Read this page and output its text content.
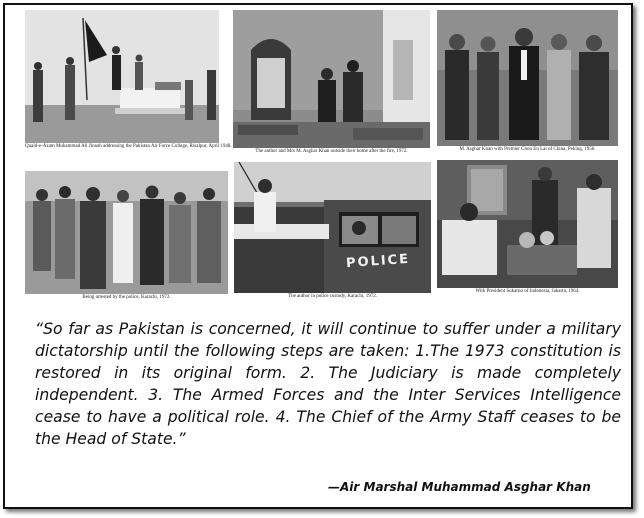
Quaid-e-Azam Muhammad Ali Jinnah addressing the Pakistan Air Force College, Risalpur, April 1948.
The author and Mrs M. Asghar Khan outside their home after the fire, 1972.	M. Asghar Khan with Premier Chou En Lai of China, Peking, 1956.
Being arrested by the police, Karachi, 1972.
POLICE
The author in police custody, Karachi, 1972.
With President Sukarno of Indonesia, Jakarta, 1964.

“So far as Pakistan is concerned, it will continue to suffer under a military dictatorship until the following steps are taken: 1.The 1973 constitution is restored in its original form. 2. The Judiciary is made completely independent. 3. The Armed Forces and the Inter Services Intelligence cease to have a political role. 4. The Chief of the Army Staff ceases to be the Head of State.”

—Air Marshal Muhammad Asghar Khan
